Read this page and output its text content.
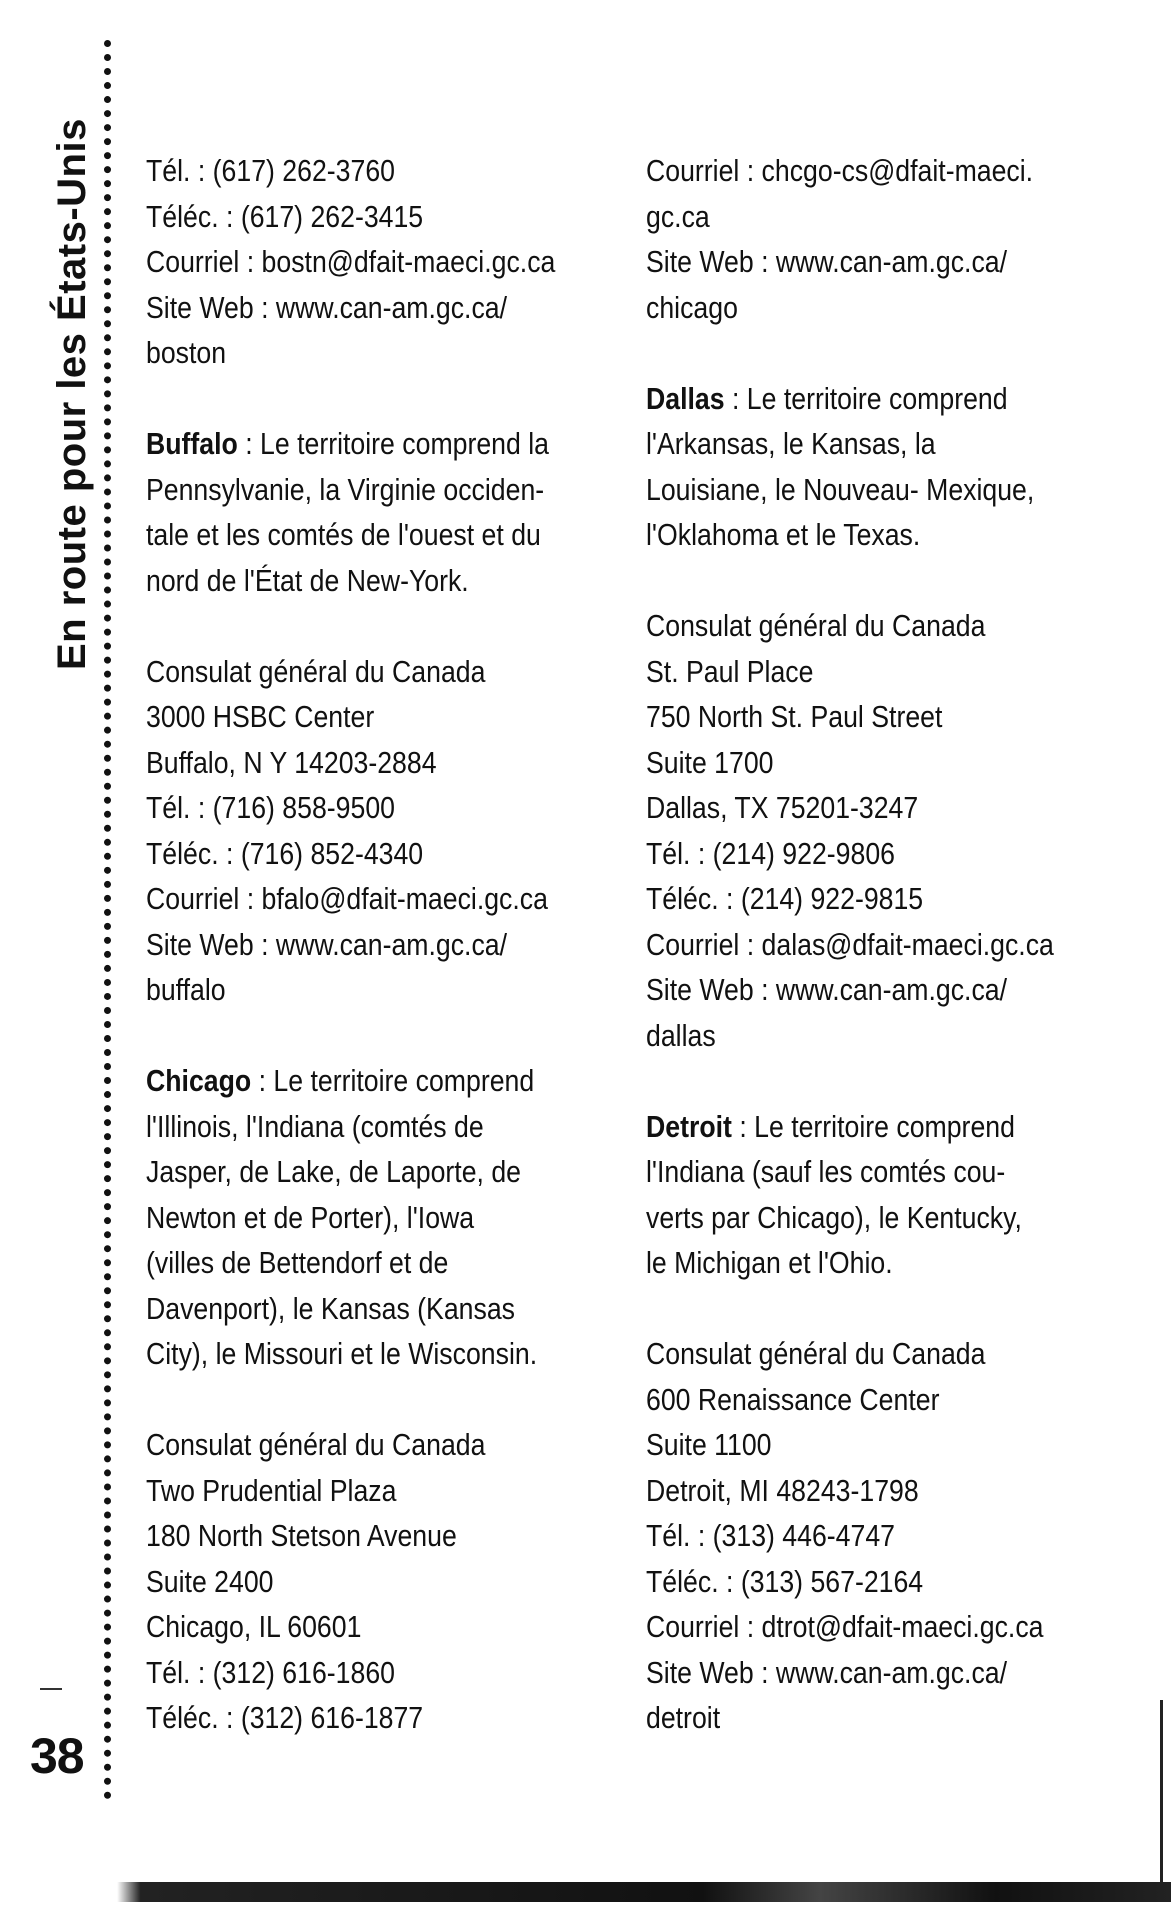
En route pour les États-Unis
38
Tél. : (617) 262-3760
Téléc. : (617) 262-3415
Courriel : bostn@dfait-maeci.gc.ca
Site Web : www.can-am.gc.ca/
boston
Buffalo : Le territoire comprend la
Pennsylvanie, la Virginie occiden-
tale et les comtés de l'ouest et du
nord de l'État de New-York.
Consulat général du Canada
3000 HSBC Center
Buffalo, N Y 14203-2884
Tél. : (716) 858-9500
Téléc. : (716) 852-4340
Courriel : bfalo@dfait-maeci.gc.ca
Site Web : www.can-am.gc.ca/
buffalo
Chicago : Le territoire comprend
l'Illinois, l'Indiana (comtés de
Jasper, de Lake, de Laporte, de
Newton et de Porter), l'Iowa
(villes de Bettendorf et de
Davenport), le Kansas (Kansas
City), le Missouri et le Wisconsin.
Consulat général du Canada
Two Prudential Plaza
180 North Stetson Avenue
Suite 2400
Chicago, IL 60601
Tél. : (312) 616-1860
Téléc. : (312) 616-1877
Courriel : chcgo-cs@dfait-maeci.
gc.ca
Site Web : www.can-am.gc.ca/
chicago
Dallas : Le territoire comprend
l'Arkansas, le Kansas, la
Louisiane, le Nouveau- Mexique,
l'Oklahoma et le Texas.
Consulat général du Canada
St. Paul Place
750 North St. Paul Street
Suite 1700
Dallas, TX 75201-3247
Tél. : (214) 922-9806
Téléc. : (214) 922-9815
Courriel : dalas@dfait-maeci.gc.ca
Site Web : www.can-am.gc.ca/
dallas
Detroit : Le territoire comprend
l'Indiana (sauf les comtés cou-
verts par Chicago), le Kentucky,
le Michigan et l'Ohio.
Consulat général du Canada
600 Renaissance Center
Suite 1100
Detroit, MI 48243-1798
Tél. : (313) 446-4747
Téléc. : (313) 567-2164
Courriel : dtrot@dfait-maeci.gc.ca
Site Web : www.can-am.gc.ca/
detroit
